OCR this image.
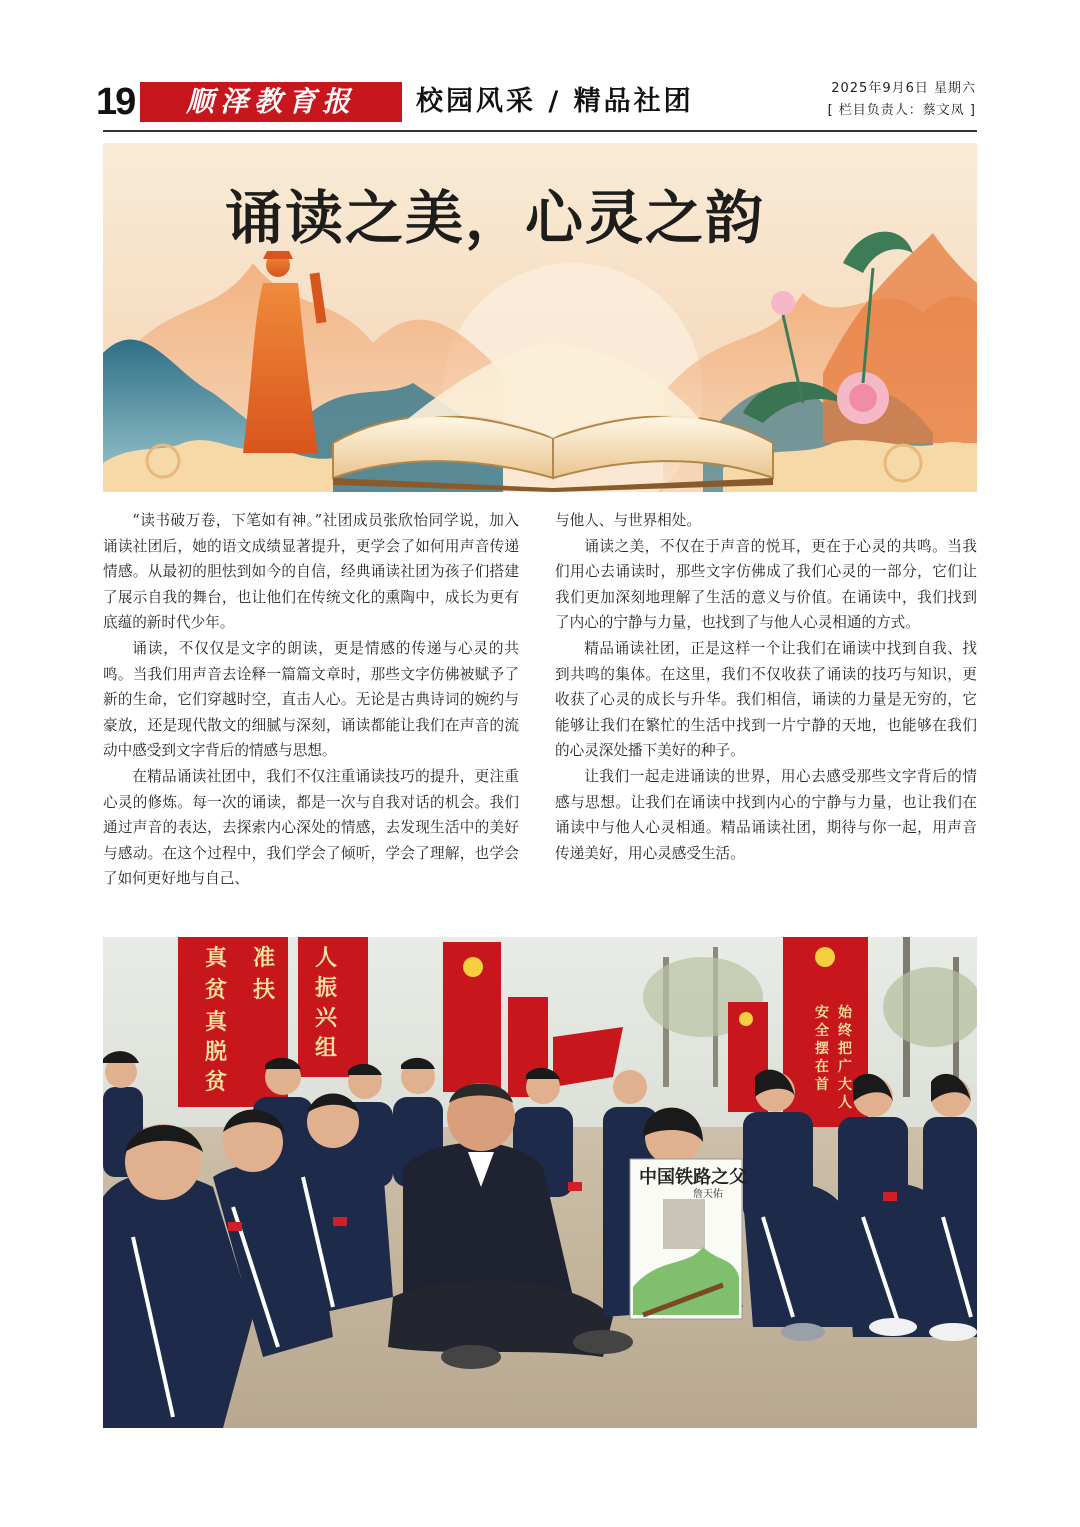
19	顺泽教育报	校园风采 / 精品社团	2025年9月6日 星期六
[ 栏目负责人：蔡文凤 ]
诵读之美，心灵之韵

“读书破万卷，下笔如有神。”社团成员张欣怡同学说，加入诵读社团后，她的语文成绩显著提升，更学会了如何用声音传递情感。从最初的胆怯到如今的自信，经典诵读社团为孩子们搭建了展示自我的舞台，也让他们在传统文化的熏陶中，成长为更有底蕴的新时代少年。

诵读，不仅仅是文字的朗读，更是情感的传递与心灵的共鸣。当我们用声音去诠释一篇篇文章时，那些文字仿佛被赋予了新的生命，它们穿越时空，直击人心。无论是古典诗词的婉约与豪放，还是现代散文的细腻与深刻，诵读都能让我们在声音的流动中感受到文字背后的情感与思想。

在精品诵读社团中，我们不仅注重诵读技巧的提升，更注重心灵的修炼。每一次的诵读，都是一次与自我对话的机会。我们通过声音的表达，去探索内心深处的情感，去发现生活中的美好与感动。在这个过程中，我们学会了倾听，学会了理解，也学会了如何更好地与自己、

与他人、与世界相处。

诵读之美，不仅在于声音的悦耳，更在于心灵的共鸣。当我们用心去诵读时，那些文字仿佛成了我们心灵的一部分，它们让我们更加深刻地理解了生活的意义与价值。在诵读中，我们找到了内心的宁静与力量，也找到了与他人心灵相通的方式。

精品诵读社团，正是这样一个让我们在诵读中找到自我、找到共鸣的集体。在这里，我们不仅收获了诵读的技巧与知识，更收获了心灵的成长与升华。我们相信，诵读的力量是无穷的，它能够让我们在繁忙的生活中找到一片宁静的天地，也能够在我们的心灵深处播下美好的种子。

让我们一起走进诵读的世界，用心去感受那些文字背后的情感与思想。让我们在诵读中找到内心的宁静与力量，也让我们在诵读中与他人心灵相通。精品诵读社团，期待与你一起，用声音传递美好，用心灵感受生活。

真 准
扶
贫
真
脱
贫
人
振
兴
组
始
终
把
广
大
人
安
全
摆
在
首
中国铁路之父
詹天佑
